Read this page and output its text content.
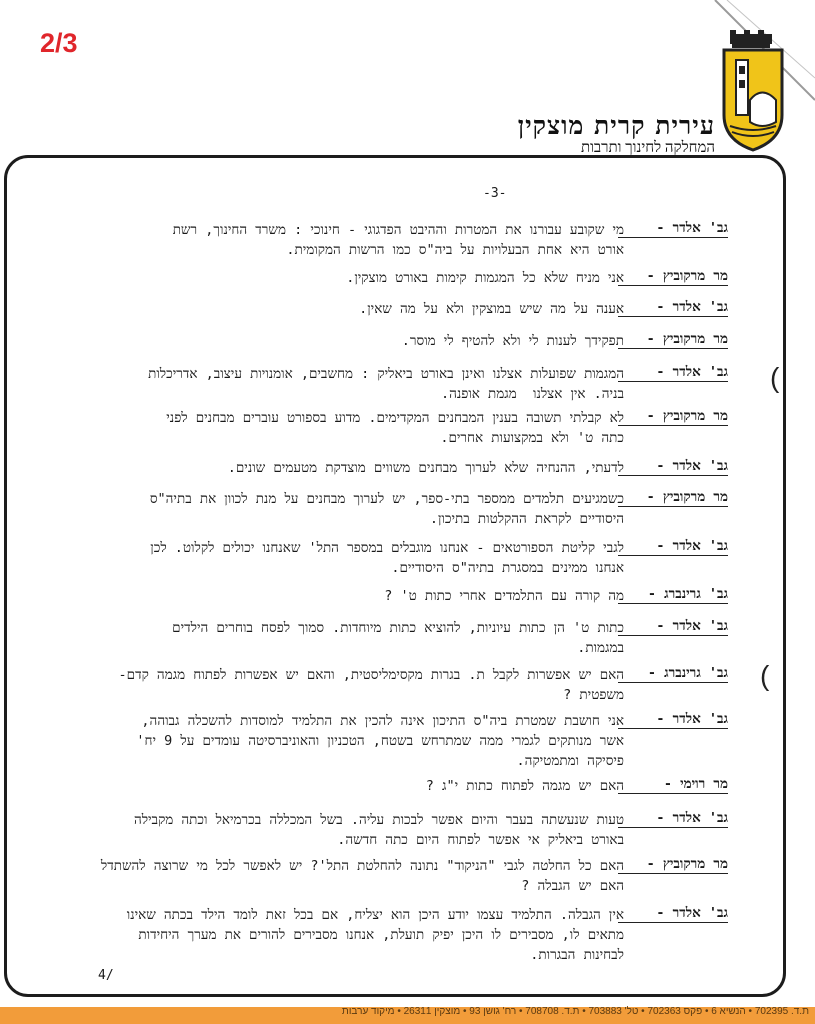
2/3
עירית קרית מוצקין
המחלקה לחינוך ותרבות
-3-
(
(
גב' אלדר -
מי שקובע עבורנו את המטרות וההיבט הפדגוגי - חינוכי : משרד החינוך, רשת
אורט היא אחת הבעלויות על ביה"ס כמו הרשות המקומית.
מר מרקוביץ -
אני מניח שלא כל המגמות קימות באורט מוצקין.
גב' אלדר -
אענה על מה שיש במוצקין ולא על מה שאין.
מר מרקוביץ -
תפקידך לענות לי ולא להטיף לי מוסר.
גב' אלדר -
המגמות שפועלות אצלנו ואינן באורט ביאליק : מחשבים, אומנויות עיצוב, אדריכלות
בניה. אין אצלנו  מגמת אופנה.
מר מרקוביץ -
לא קבלתי תשובה בענין המבחנים המקדימים. מדוע בספורט עוברים מבחנים לפני
כתה ט' ולא במקצועות אחרים.
גב' אלדר -
לדעתי, ההנחיה שלא לערוך מבחנים משווים מוצדקת מטעמים שונים.
מר מרקוביץ -
כשמגיעים תלמדים ממספר בתי-ספר, יש לערוך מבחנים על מנת לכוון את בתיה"ס
היסודיים לקראת ההקלטות בתיכון.
גב' אלדר -
לגבי קליטת הספורטאים - אנחנו מוגבלים במספר התל' שאנחנו יכולים לקלוט. לכן
אנחנו ממינים במסגרת בתיה"ס היסודיים.
גב' גרינברג -
מה קורה עם התלמדים אחרי כתות ט' ?
גב' אלדר -
כתות ט' הן כתות עיוניות, להוציא כתות מיוחדות. סמוך לפסח בוחרים הילדים
במגמות.
גב' גרינברג -
האם יש אפשרות לקבל ת. בגרות מקסימליסטית, והאם יש אפשרות לפתוח מגמה קדם-
משפטית ?
גב' אלדר -
אני חושבת שמטרת ביה"ס התיכון אינה להכין את התלמיד למוסדות להשכלה גבוהה,
אשר מנותקים לגמרי ממה שמתרחש בשטח, הטכניון והאוניברסיטה עומדים על 9 יח'
פיסיקה ומתמטיקה.
מר רוימי -
האם יש מגמה לפתוח כתות י"ג ?
גב' אלדר -
טעות שנעשתה בעבר והיום אפשר לבכות עליה. בשל המכללה בכרמיאל וכתה מקבילה
באורט ביאליק אי אפשר לפתוח היום כתה חדשה.
מר מרקוביץ -
האם כל החלטה לגבי "הניקוד" נתונה להחלטת התל'? יש לאפשר לכל מי שרוצה להשתדל
האם יש הגבלה ?
גב' אלדר -
אין הגבלה. התלמיד עצמו יודע היכן הוא יצליח, אם בכל זאת לומד הילד בכתה שאינו
מתאים לו, מסבירים לו היכן יפיק תועלת, אנחנו מסבירים להורים את מערך היחידות
לבחינות הבגרות.
4/
ת.ד. 702395 • הנשיא 6 • פקס 702363 • טל' 703883 • ת.ד. 708708 • רח' גושן 93 • מוצקין 26311 • מיקוד ערבות
